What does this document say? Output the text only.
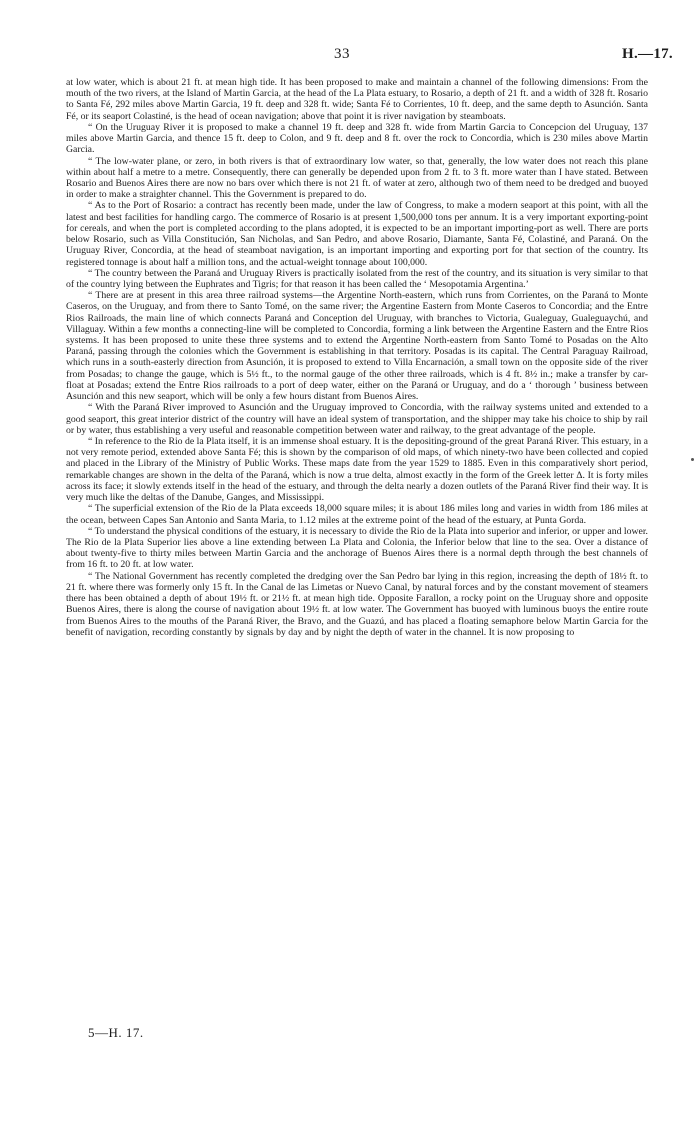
33	H.—17.

at low water, which is about 21 ft. at mean high tide. It has been proposed to make and maintain a channel of the following dimensions: From the mouth of the two rivers, at the Island of Martin Garcia, at the head of the La Plata estuary, to Rosario, a depth of 21 ft. and a width of 328 ft. Rosario to Santa Fé, 292 miles above Martin Garcia, 19 ft. deep and 328 ft. wide; Santa Fé to Corrientes, 10 ft. deep, and the same depth to Asunción. Santa Fé, or its seaport Colastiné, is the head of ocean navigation; above that point it is river navigation by steamboats.

“ On the Uruguay River it is proposed to make a channel 19 ft. deep and 328 ft. wide from Martin Garcia to Concepcion del Uruguay, 137 miles above Martin Garcia, and thence 15 ft. deep to Colon, and 9 ft. deep and 8 ft. over the rock to Concordia, which is 230 miles above Martin Garcia.

“ The low-water plane, or zero, in both rivers is that of extraordinary low water, so that, generally, the low water does not reach this plane within about half a metre to a metre. Consequently, there can generally be depended upon from 2 ft. to 3 ft. more water than I have stated. Between Rosario and Buenos Aires there are now no bars over which there is not 21 ft. of water at zero, although two of them need to be dredged and buoyed in order to make a straighter channel. This the Government is prepared to do.

“ As to the Port of Rosario: a contract has recently been made, under the law of Congress, to make a modern seaport at this point, with all the latest and best facilities for handling cargo. The commerce of Rosario is at present 1,500,000 tons per annum. It is a very important exporting-point for cereals, and when the port is completed according to the plans adopted, it is expected to be an important importing-port as well. There are ports below Rosario, such as Villa Constitución, San Nicholas, and San Pedro, and above Rosario, Diamante, Santa Fé, Colastiné, and Paraná. On the Uruguay River, Concordia, at the head of steamboat navigation, is an important importing and exporting port for that section of the country. Its registered tonnage is about half a million tons, and the actual-weight tonnage about 100,000.

“ The country between the Paraná and Uruguay Rivers is practically isolated from the rest of the country, and its situation is very similar to that of the country lying between the Euphrates and Tigris; for that reason it has been called the ‘ Mesopotamia Argentina.’

“ There are at present in this area three railroad systems—the Argentine North-eastern, which runs from Corrientes, on the Paraná to Monte Caseros, on the Uruguay, and from there to Santo Tomé, on the same river; the Argentine Eastern from Monte Caseros to Concordia; and the Entre Rios Railroads, the main line of which connects Paraná and Conception del Uruguay, with branches to Victoria, Gualeguay, Gualeguaychú, and Villaguay. Within a few months a connecting-line will be completed to Concordia, forming a link between the Argentine Eastern and the Entre Rios systems. It has been proposed to unite these three systems and to extend the Argentine North-eastern from Santo Tomé to Posadas on the Alto Paraná, passing through the colonies which the Government is establishing in that territory. Posadas is its capital. The Central Paraguay Railroad, which runs in a south-easterly direction from Asunción, it is proposed to extend to Villa Encarnación, a small town on the opposite side of the river from Posadas; to change the gauge, which is 5½ ft., to the normal gauge of the other three railroads, which is 4 ft. 8½ in.; make a transfer by car-float at Posadas; extend the Entre Rios railroads to a port of deep water, either on the Paraná or Uruguay, and do a ‘ thorough ’ business between Asunción and this new seaport, which will be only a few hours distant from Buenos Aires.

“ With the Paraná River improved to Asunción and the Uruguay improved to Concordia, with the railway systems united and extended to a good seaport, this great interior district of the country will have an ideal system of transportation, and the shipper may take his choice to ship by rail or by water, thus establishing a very useful and reasonable competition between water and railway, to the great advantage of the people.

“ In reference to the Rio de la Plata itself, it is an immense shoal estuary. It is the depositing-ground of the great Paraná River. This estuary, in a not very remote period, extended above Santa Fé; this is shown by the comparison of old maps, of which ninety-two have been collected and copied and placed in the Library of the Ministry of Public Works. These maps date from the year 1529 to 1885. Even in this comparatively short period, remarkable changes are shown in the delta of the Paraná, which is now a true delta, almost exactly in the form of the Greek letter Δ. It is forty miles across its face; it slowly extends itself in the head of the estuary, and through the delta nearly a dozen outlets of the Paraná River find their way. It is very much like the deltas of the Danube, Ganges, and Mississippi.

“ The superficial extension of the Rio de la Plata exceeds 18,000 square miles; it is about 186 miles long and varies in width from 186 miles at the ocean, between Capes San Antonio and Santa Maria, to 1.12 miles at the extreme point of the head of the estuary, at Punta Gorda.

“ To understand the physical conditions of the estuary, it is necessary to divide the Rio de la Plata into superior and inferior, or upper and lower. The Rio de la Plata Superior lies above a line extending between La Plata and Colonia, the Inferior below that line to the sea. Over a distance of about twenty-five to thirty miles between Martin Garcia and the anchorage of Buenos Aires there is a normal depth through the best channels of from 16 ft. to 20 ft. at low water.

“ The National Government has recently completed the dredging over the San Pedro bar lying in this region, increasing the depth of 18½ ft. to 21 ft. where there was formerly only 15 ft. In the Canal de las Limetas or Nuevo Canal, by natural forces and by the constant movement of steamers there has been obtained a depth of about 19½ ft. or 21½ ft. at mean high tide. Opposite Farallon, a rocky point on the Uruguay shore and opposite Buenos Aires, there is along the course of navigation about 19½ ft. at low water. The Government has buoyed with luminous buoys the entire route from Buenos Aires to the mouths of the Paraná River, the Bravo, and the Guazú, and has placed a floating semaphore below Martin Garcia for the benefit of navigation, recording constantly by signals by day and by night the depth of water in the channel. It is now proposing to

5—H. 17.
